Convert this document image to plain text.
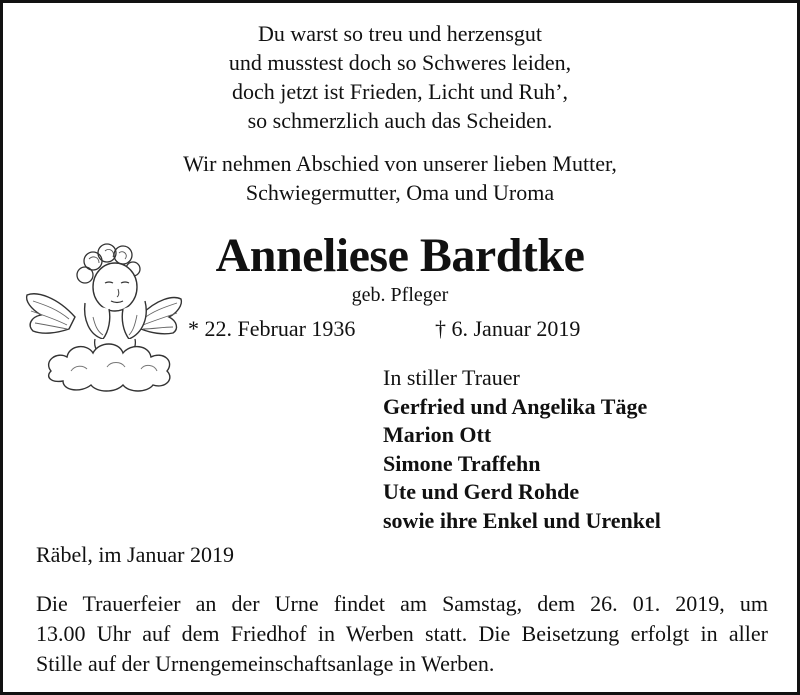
Du warst so treu und herzensgut
und musstest doch so Schweres leiden,
doch jetzt ist Frieden, Licht und Ruh’,
so schmerzlich auch das Scheiden.
Wir nehmen Abschied von unserer lieben Mutter,
Schwiegermutter, Oma und Uroma
Anneliese Bardtke
geb. Pfleger
* 22. Februar 1936	† 6. Januar 2019
In stiller Trauer
Gerfried und Angelika Täge
Marion Ott
Simone Traffehn
Ute und Gerd Rohde
sowie ihre Enkel und Urenkel
Räbel, im Januar 2019
Die Trauerfeier an der Urne findet am Samstag, dem 26. 01. 2019, um
13.00 Uhr auf dem Friedhof in Werben statt. Die Beisetzung erfolgt in aller
Stille auf der Urnengemeinschaftsanlage in Werben.
